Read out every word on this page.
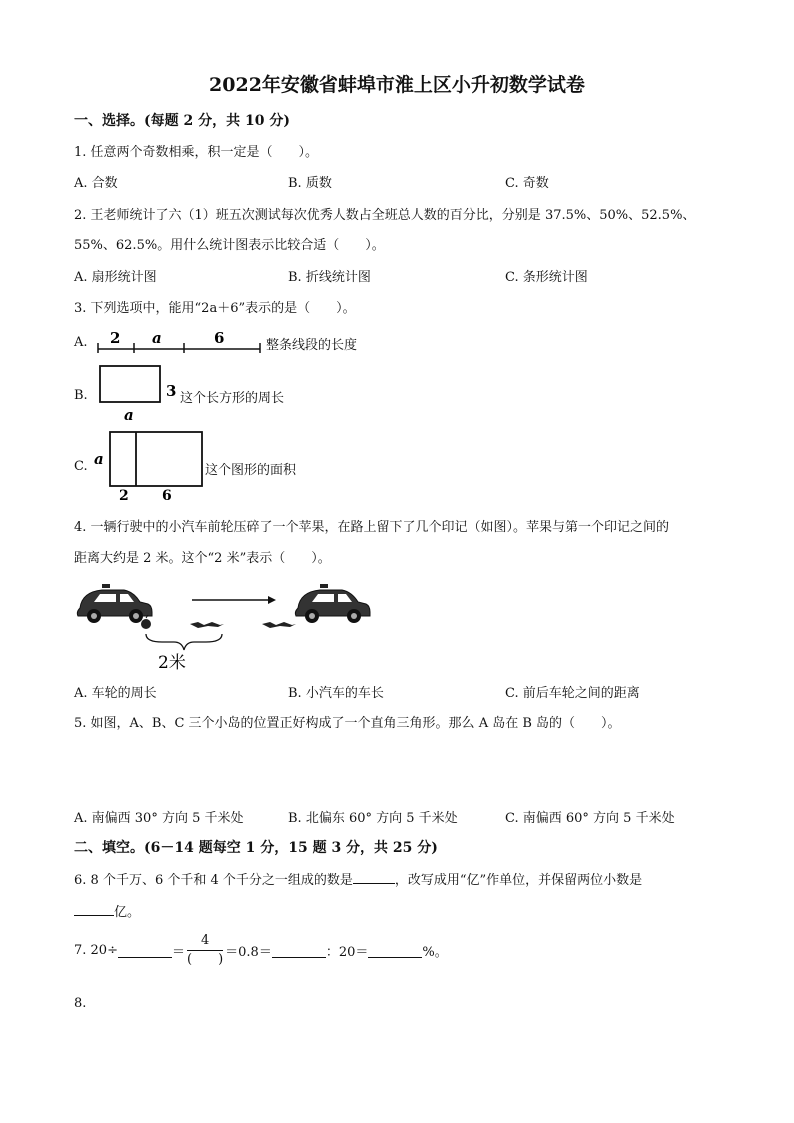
2022年安徽省蚌埠市淮上区小升初数学试卷
一、选择。(每题 2 分，共 10 分)
1. 任意两个奇数相乘，积一定是（　　）。
A. 合数	B. 质数	C. 奇数
2. 王老师统计了六（1）班五次测试每次优秀人数占全班总人数的百分比，分别是 37.5%、50%、52.5%、
55%、62.5%。用什么统计图表示比较合适（　　）。
A. 扇形统计图	B. 折线统计图	C. 条形统计图
3. 下列选项中，能用“2a＋6”表示的是（　　）。
A. 2 a	6	整条线段的长度
B.	3
a
这个长方形的周长
C. a
2 6
这个图形的面积
4. 一辆行驶中的小汽车前轮压碎了一个苹果，在路上留下了几个印记（如图）。苹果与第一个印记之间的
距离大约是 2 米。这个“2 米”表示（　　）。
2米
A. 车轮的周长	B. 小汽车的车长	C. 前后车轮之间的距离
5. 如图，A、B、C 三个小岛的位置正好构成了一个直角三角形。那么 A 岛在 B 岛的（　　）。
A. 南偏西 30° 方向 5 千米处	B. 北偏东 60° 方向 5 千米处	C. 南偏西 60° 方向 5 千米处
二、填空。(6－14 题每空 1 分，15 题 3 分，共 25 分)
6. 8 个千万、6 个千和 4 个千分之一组成的数是	，改写成用“亿”作单位，并保留两位小数是
亿。
7. 20÷	＝ $\frac{4}{( )} =0.8=$	：20＝	%。
8.
